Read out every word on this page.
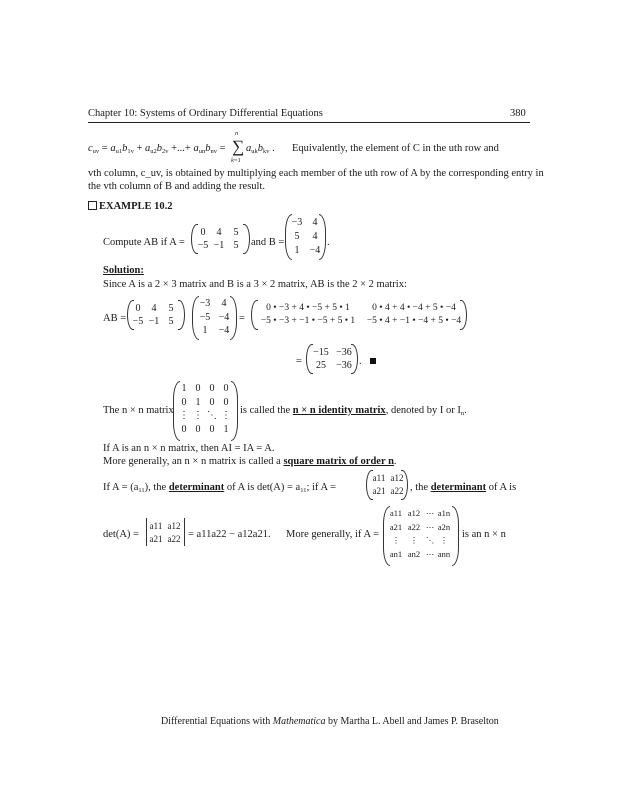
Chapter 10: Systems of Ordinary Differential Equations	380
$c_{uv} = a_{u1}b_{1v} + a_{u2}b_{2v}$ +...+ $a_{un}b_{nv}$ = ∑
n
k=1
$a_{uk}b_{kv}$ . Equivalently, the element of C in the uth row and
vth column, c_uv, is obtained by multiplying each member of the uth row of A by the corresponding entry in
the vth column of B and adding the result.
EXAMPLE 10.2
Compute AB if A =
0	4	5
−5 −1 5	and B =
−3	4
5	4
1	−4
.
Solution:
Since A is a 2 × 3 matrix and B is a 3 × 2 matrix, AB is the 2 × 2 matrix:
AB =
0	4	5
−5 −1 5
−3	4
−5 −4
1	−4
=
0 • −3 + 4 • −5 + 5 • 1	0 • 4 + 4 • −4 + 5 • −4
−5 • −3 + −1 • −5 + 5 • 1	−5 • 4 + −1 • −4 + 5 • −4
=
−15 −36
25	−36 .
The n × n matrix
1 0 0 0
0 1 0 0
⋮ ⋮ ⋱ ⋮
0 0 0 1
is called the n × n identity matrix, denoted by I or $I_n$.
If A is an n × n matrix, then AI = IA = A.
More generally, an n × n matrix is called a square matrix of order n.
If $A = (a_{11})$, the determinant of A is $\det(A) = a_{11}$; if A =
a11 a12
a21 a22 , the determinant of A is
det(A) =
a11 a12
a21 a22 = a11a22 − a12a21. More generally, if A =
a11 a12 ⋯ a1n
a21 a22 ⋯ a2n
⋮	⋮ ⋱ ⋮
an1 an2 ⋯ ann
is an n × n
Differential Equations with Mathematica by Martha L. Abell and James P. Braselton
